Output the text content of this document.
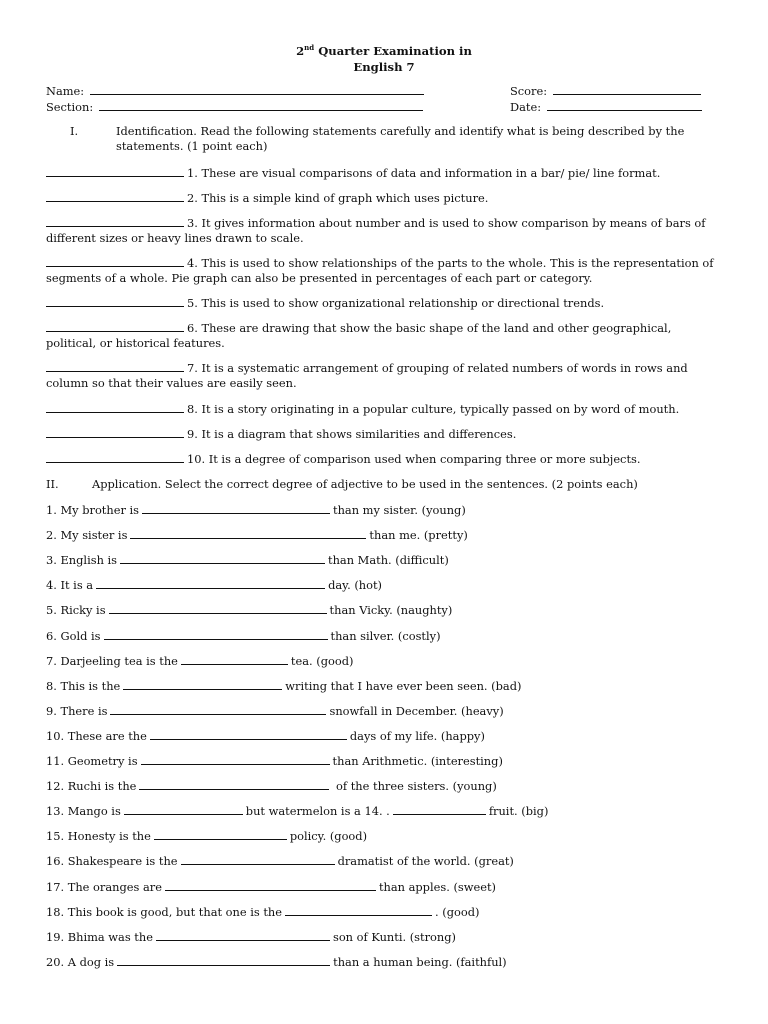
2nd Quarter Examination in
English 7
Name:	Score:
Section:	Date:
I.	Identification. Read the following statements carefully and identify what is being described by the statements. (1 point each)
1. These are visual comparisons of data and information in a bar/ pie/ line format.
2. This is a simple kind of graph which uses picture.
3. It gives information about number and is used to show comparison by means of bars of different sizes or heavy lines drawn to scale.
4. This is used to show relationships of the parts to the whole. This is the representation of segments of a whole. Pie graph can also be presented in percentages of each part or category.
5. This is used to show organizational relationship or directional trends.
6. These are drawing that show the basic shape of the land and other geographical, political, or historical features.
7. It is a systematic arrangement of grouping of related numbers of words in rows and column so that their values are easily seen.
8. It is a story originating in a popular culture, typically passed on by word of mouth.
9. It is a diagram that shows similarities and differences.
10. It is a degree of comparison used when comparing three or more subjects.
II.	Application. Select the correct degree of adjective to be used in the sentences. (2 points each)
1. My brother is	than my sister. (young)
2. My sister is	than me. (pretty)
3. English is	than Math. (difficult)
4. It is a	day. (hot)
5. Ricky is	than Vicky. (naughty)
6. Gold is	than silver. (costly)
7. Darjeeling tea is the	tea. (good)
8. This is the	writing that I have ever been seen. (bad)
9. There is	snowfall in December. (heavy)
10. These are the	days of my life. (happy)
11. Geometry is	than Arithmetic. (interesting)
12. Ruchi is the	of the three sisters. (young)
13. Mango is	but watermelon is a 14. .	fruit. (big)
15. Honesty is the	policy. (good)
16. Shakespeare is the	dramatist of the world. (great)
17. The oranges are	than apples. (sweet)
18. This book is good, but that one is the	. (good)
19. Bhima was the	son of Kunti. (strong)
20. A dog is	than a human being. (faithful)
